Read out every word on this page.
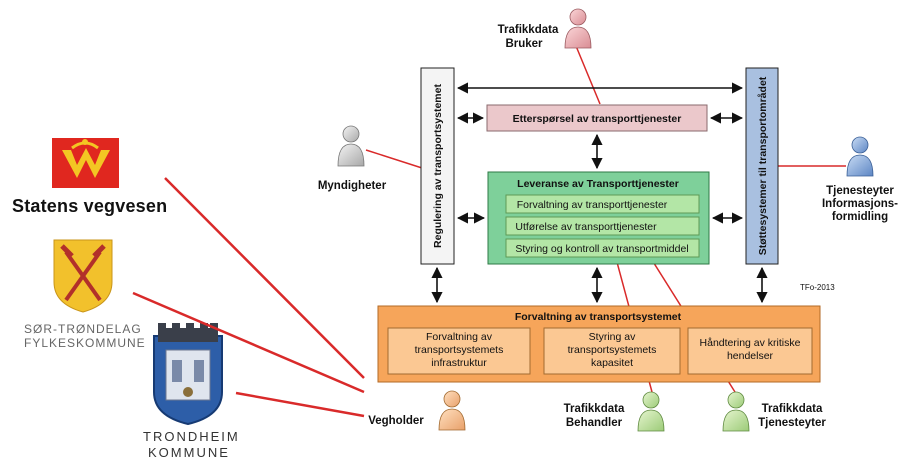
Regulering av transportsystemet	Støttesystemer til transportområdet
Etterspørsel av transporttjenester
Leveranse av Transporttjenester
Forvaltning av transporttjenester
Utførelse av transporttjenester
Styring og kontroll av transportmiddel
TFo-2013
Forvaltning av transportsystemet
Forvaltning av
transportsystemets
infrastruktur
Styring av
transportsystemets
kapasitet
Håndtering av kritiske
hendelser
Trafikkdata
Bruker
Myndigheter	Tjenesteyter
Informasjons-
formidling
Vegholder
Trafikkdata
Behandler
Trafikkdata
Tjenesteyter
Statens vegvesen
SØR-TRØNDELAG
FYLKESKOMMUNE
TRONDHEIM
KOMMUNE
